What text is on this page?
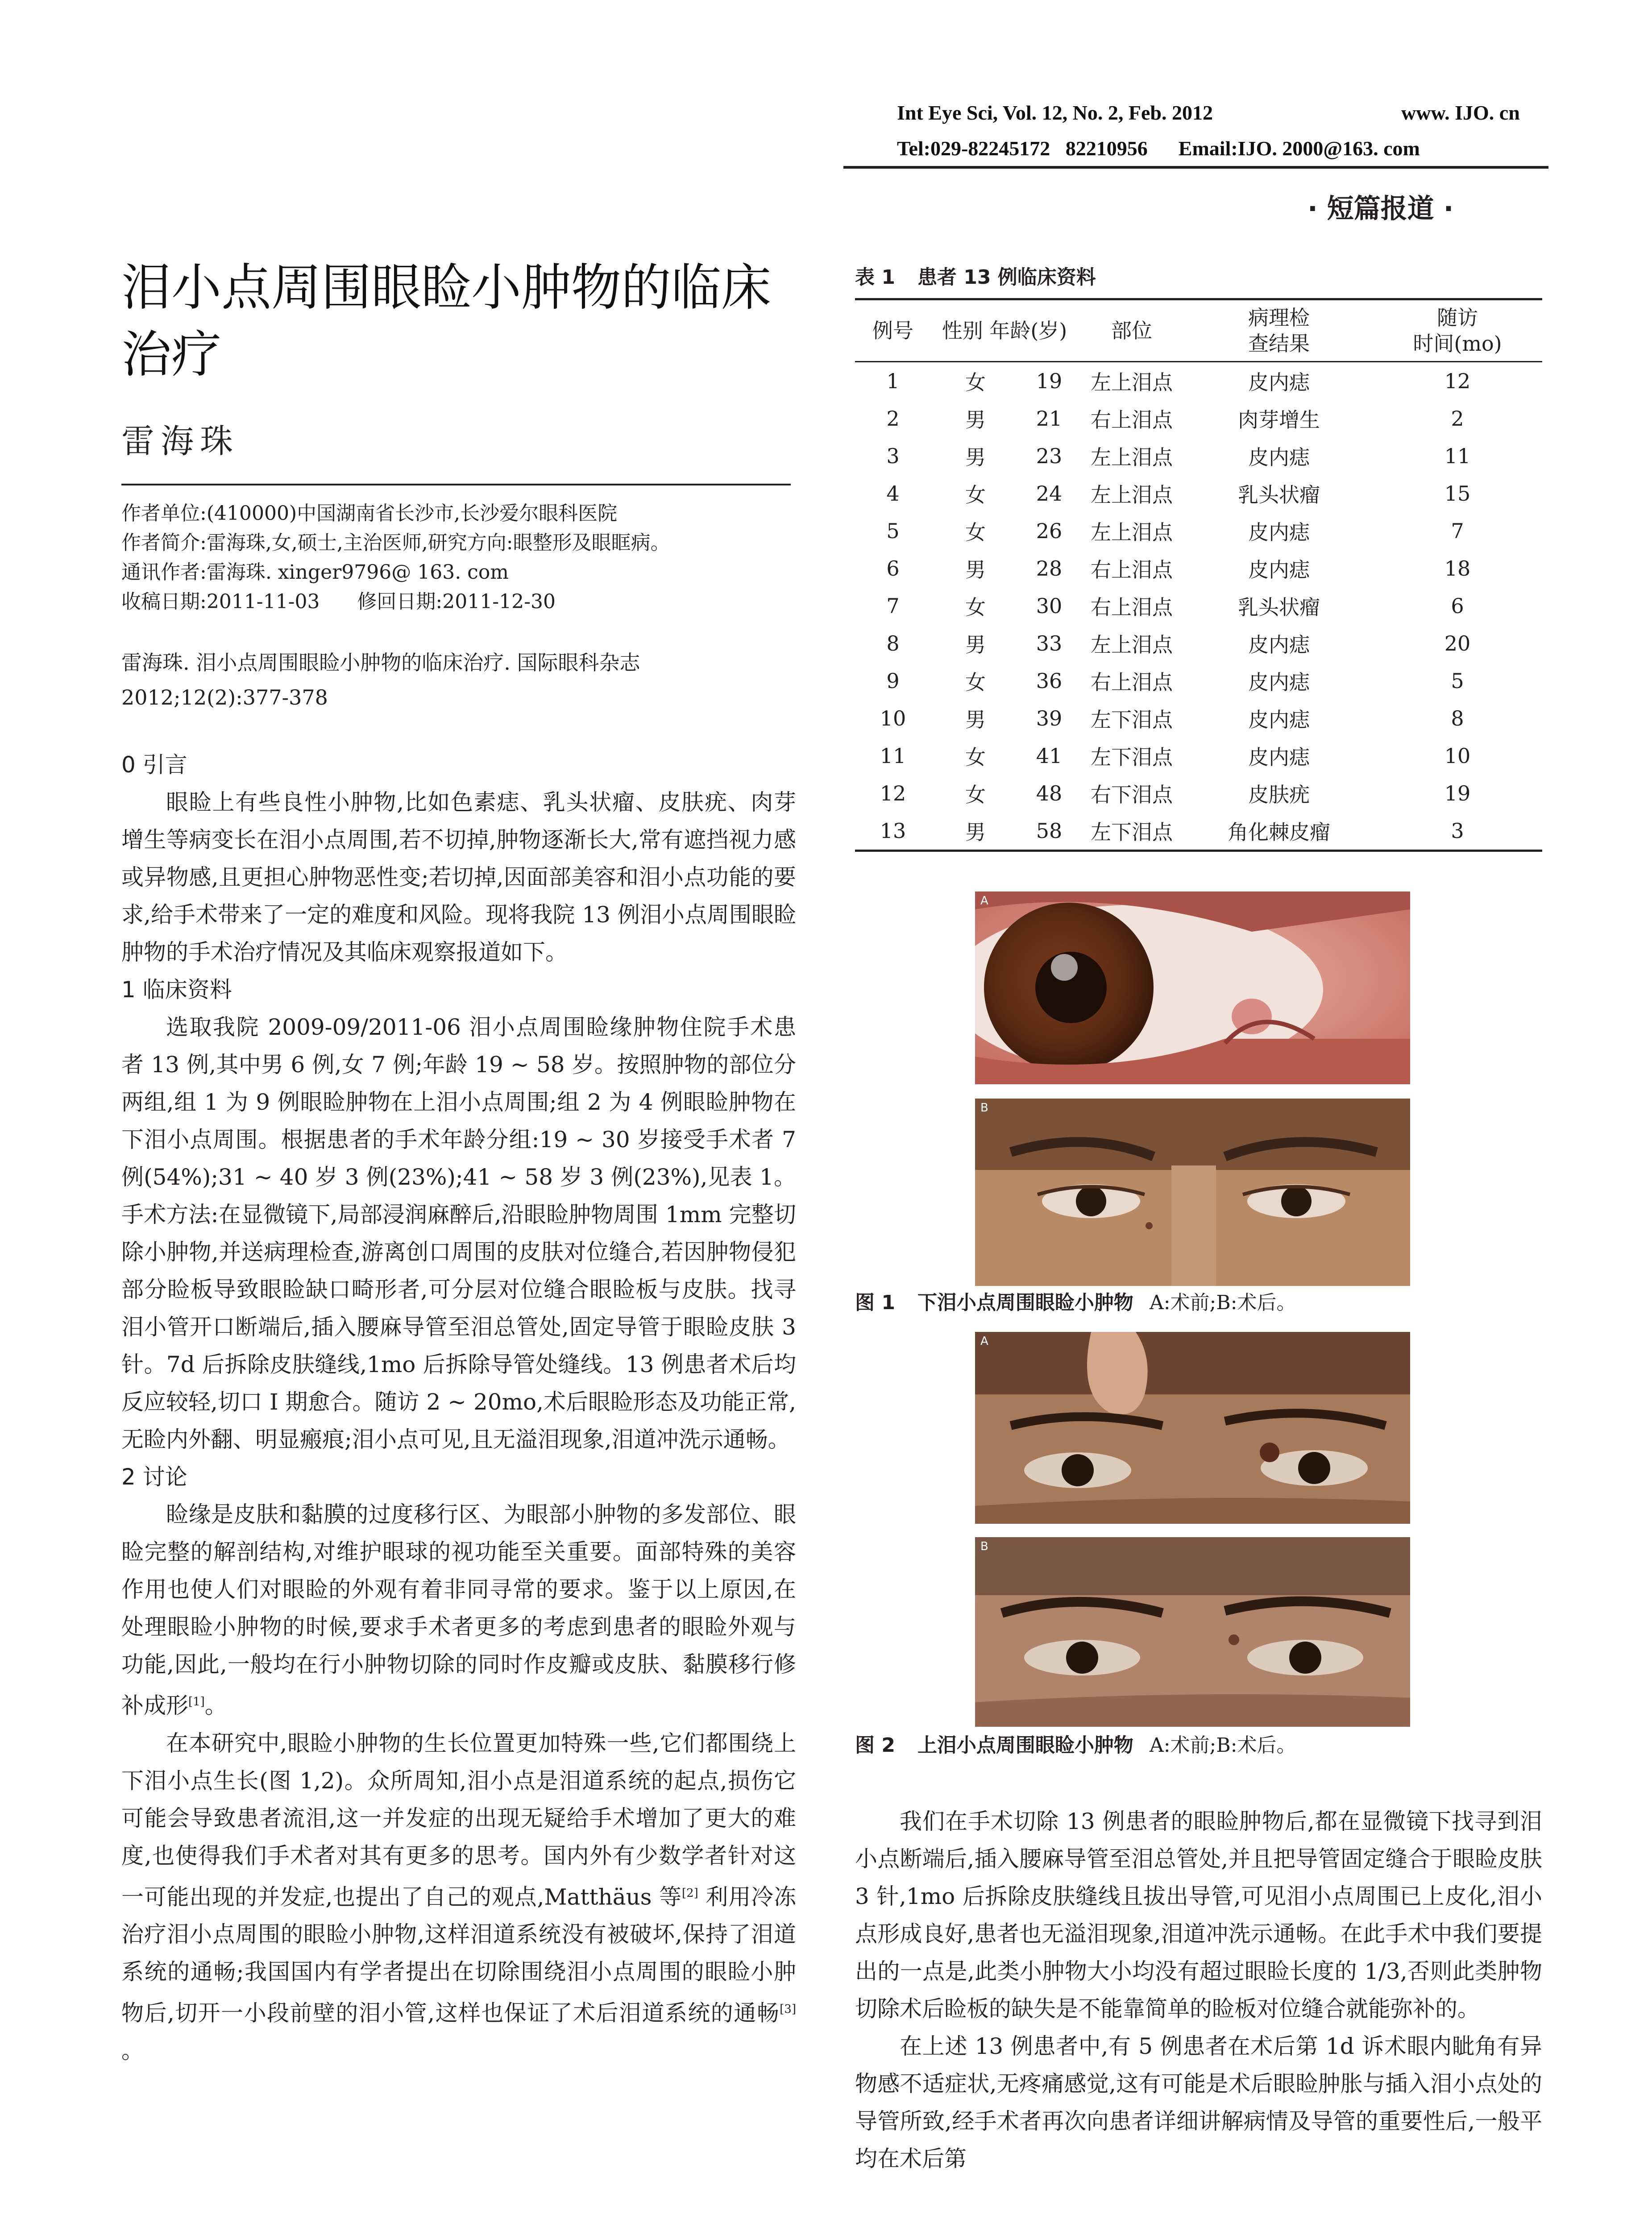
Int Eye Sci, Vol. 12, No. 2, Feb. 2012	www. IJO. cn
Tel:029-82245172   82210956      Email:IJO. 2000@163. com
· 短篇报道 ·
泪小点周围眼睑小肿物的临床
治疗
雷海珠
作者单位:(410000)中国湖南省长沙市,长沙爱尔眼科医院
作者简介:雷海珠,女,硕士,主治医师,研究方向:眼整形及眼眶病。
通讯作者:雷海珠. xinger9796@ 163. com
收稿日期:2011-11-03      修回日期:2011-12-30
雷海珠. 泪小点周围眼睑小肿物的临床治疗. 国际眼科杂志 2012;12(2):377-378
0 引言

眼睑上有些良性小肿物,比如色素痣、乳头状瘤、皮肤疣、肉芽增生等病变长在泪小点周围,若不切掉,肿物逐渐长大,常有遮挡视力感或异物感,且更担心肿物恶性变;若切掉,因面部美容和泪小点功能的要求,给手术带来了一定的难度和风险。现将我院 13 例泪小点周围眼睑肿物的手术治疗情况及其临床观察报道如下。

1 临床资料

选取我院 2009-09/2011-06 泪小点周围睑缘肿物住院手术患者 13 例,其中男 6 例,女 7 例;年龄 19 ~ 58 岁。按照肿物的部位分两组,组 1 为 9 例眼睑肿物在上泪小点周围;组 2 为 4 例眼睑肿物在下泪小点周围。根据患者的手术年龄分组:19 ~ 30 岁接受手术者 7 例(54%);31 ~ 40 岁 3 例(23%);41 ~ 58 岁 3 例(23%),见表 1。手术方法:在显微镜下,局部浸润麻醉后,沿眼睑肿物周围 1mm 完整切除小肿物,并送病理检查,游离创口周围的皮肤对位缝合,若因肿物侵犯部分睑板导致眼睑缺口畸形者,可分层对位缝合眼睑板与皮肤。找寻泪小管开口断端后,插入腰麻导管至泪总管处,固定导管于眼睑皮肤 3 针。7d 后拆除皮肤缝线,1mo 后拆除导管处缝线。13 例患者术后均反应较轻,切口 Ⅰ 期愈合。随访 2 ~ 20mo,术后眼睑形态及功能正常,无睑内外翻、明显瘢痕;泪小点可见,且无溢泪现象,泪道冲洗示通畅。

2 讨论

睑缘是皮肤和黏膜的过度移行区、为眼部小肿物的多发部位、眼睑完整的解剖结构,对维护眼球的视功能至关重要。面部特殊的美容作用也使人们对眼睑的外观有着非同寻常的要求。鉴于以上原因,在处理眼睑小肿物的时候,要求手术者更多的考虑到患者的眼睑外观与功能,因此,一般均在行小肿物切除的同时作皮瓣或皮肤、黏膜移行修补成形[1]。

在本研究中,眼睑小肿物的生长位置更加特殊一些,它们都围绕上下泪小点生长(图 1,2)。众所周知,泪小点是泪道系统的起点,损伤它可能会导致患者流泪,这一并发症的出现无疑给手术增加了更大的难度,也使得我们手术者对其有更多的思考。国内外有少数学者针对这一可能出现的并发症,也提出了自己的观点,Matthäus 等[2] 利用冷冻治疗泪小点周围的眼睑小肿物,这样泪道系统没有被破坏,保持了泪道系统的通畅;我国国内有学者提出在切除围绕泪小点周围的眼睑小肿物后,切开一小段前壁的泪小管,这样也保证了术后泪道系统的通畅[3] 。

表 1 患者 13 例临床资料
例号	性别 年龄(岁)		部位	病理检
查结果	随访
时间(mo)
1	女	19	左上泪点	皮内痣	12
2	男	21	右上泪点	肉芽增生	2
3	男	23	左上泪点	皮内痣	11
4	女	24	左上泪点	乳头状瘤	15
5	女	26	左上泪点	皮内痣	7
6	男	28	右上泪点	皮内痣	18
7	女	30	右上泪点	乳头状瘤	6
8	男	33	左上泪点	皮内痣	20
9	女	36	右上泪点	皮内痣	5
10	男	39	左下泪点	皮内痣	8
11	女	41	左下泪点	皮内痣	10
12	女	48	右下泪点	皮肤疣	19
13	男	58	左下泪点	角化棘皮瘤	3
A
B
图 1 下泪小点周围眼睑小肿物 A:术前;B:术后。
A
B
图 2 上泪小点周围眼睑小肿物 A:术前;B:术后。

我们在手术切除 13 例患者的眼睑肿物后,都在显微镜下找寻到泪小点断端后,插入腰麻导管至泪总管处,并且把导管固定缝合于眼睑皮肤 3 针,1mo 后拆除皮肤缝线且拔出导管,可见泪小点周围已上皮化,泪小点形成良好,患者也无溢泪现象,泪道冲洗示通畅。在此手术中我们要提出的一点是,此类小肿物大小均没有超过眼睑长度的 1/3,否则此类肿物切除术后睑板的缺失是不能靠简单的睑板对位缝合就能弥补的。

在上述 13 例患者中,有 5 例患者在术后第 1d 诉术眼内眦角有异物感不适症状,无疼痛感觉,这有可能是术后眼睑肿胀与插入泪小点处的导管所致,经手术者再次向患者详细讲解病情及导管的重要性后,一般平均在术后第
